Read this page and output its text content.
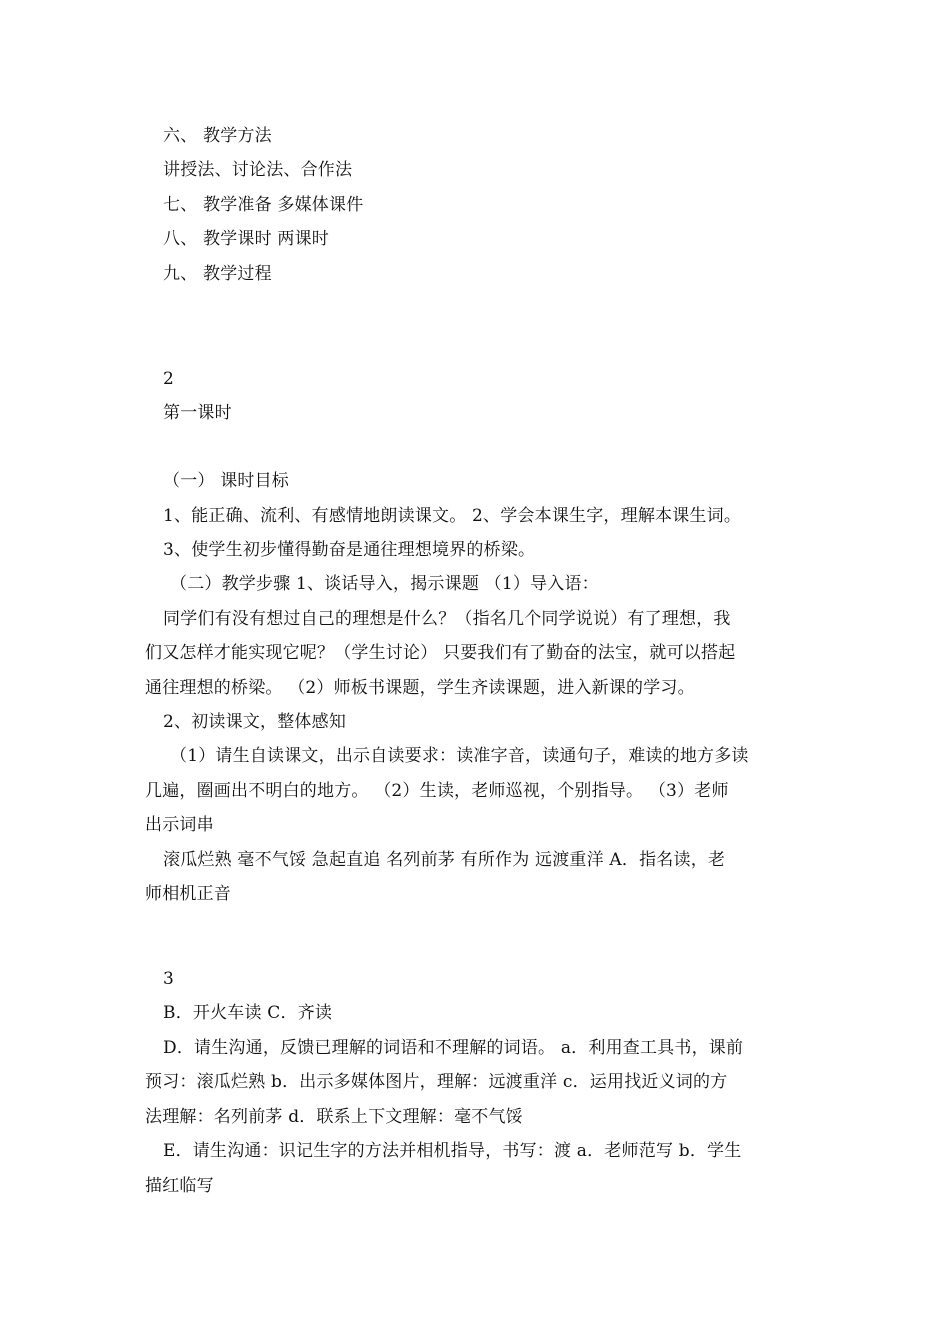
六、 教学方法
讲授法、讨论法、合作法
七、 教学准备 多媒体课件
八、 教学课时 两课时
九、 教学过程
2
第一课时
（一） 课时目标
1、能正确、流利、有感情地朗读课文。 2、学会本课生字，理解本课生词。
3、使学生初步懂得勤奋是通往理想境界的桥梁。
（二）教学步骤 1、谈话导入，揭示课题 （1）导入语：
同学们有没有想过自己的理想是什么？（指名几个同学说说）有了理想，我
们又怎样才能实现它呢？（学生讨论） 只要我们有了勤奋的法宝，就可以搭起
通往理想的桥梁。 （2）师板书课题，学生齐读课题，进入新课的学习。
2、初读课文，整体感知
（1）请生自读课文，出示自读要求：读准字音，读通句子，难读的地方多读
几遍，圈画出不明白的地方。 （2）生读，老师巡视，个别指导。 （3）老师
出示词串
滚瓜烂熟 毫不气馁 急起直追 名列前茅 有所作为 远渡重洋 A．指名读，老
师相机正音
3
B．开火车读 C．齐读
D．请生沟通，反馈已理解的词语和不理解的词语。 a．利用查工具书，课前
预习：滚瓜烂熟 b．出示多媒体图片，理解：远渡重洋 c．运用找近义词的方
法理解：名列前茅 d．联系上下文理解：毫不气馁
E．请生沟通：识记生字的方法并相机指导，书写：渡 a．老师范写 b．学生
描红临写
